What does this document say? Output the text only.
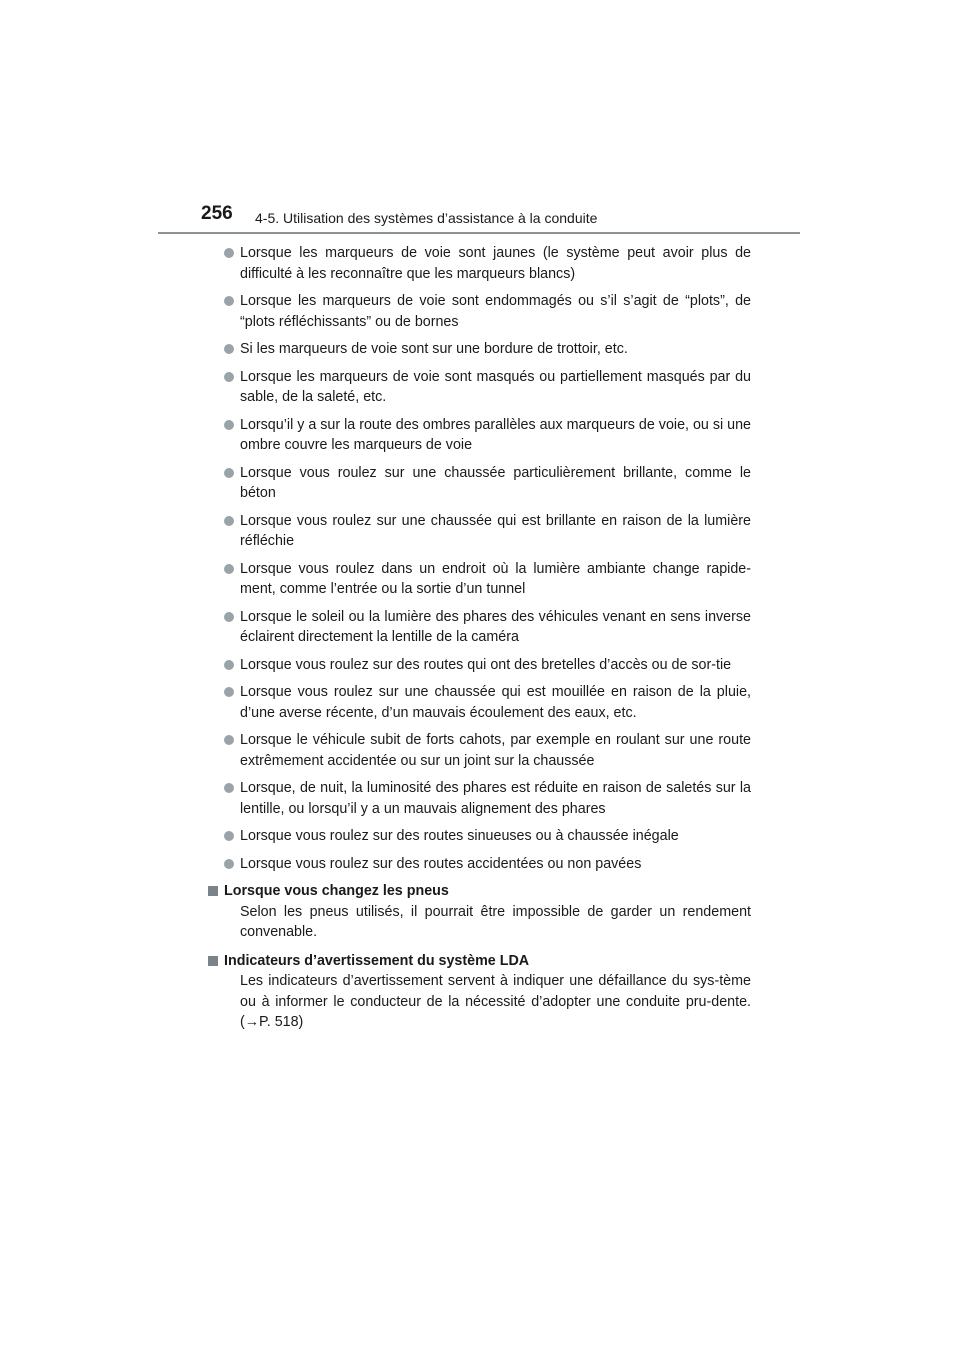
256 4-5. Utilisation des systèmes d’assistance à la conduite
Lorsque les marqueurs de voie sont jaunes (le système peut avoir plus de difficulté à les reconnaître que les marqueurs blancs)
Lorsque les marqueurs de voie sont endommagés ou s’il s’agit de “plots”, de “plots réfléchissants” ou de bornes
Si les marqueurs de voie sont sur une bordure de trottoir, etc.
Lorsque les marqueurs de voie sont masqués ou partiellement masqués par du sable, de la saleté, etc.
Lorsqu’il y a sur la route des ombres parallèles aux marqueurs de voie, ou si une ombre couvre les marqueurs de voie
Lorsque vous roulez sur une chaussée particulièrement brillante, comme le béton
Lorsque vous roulez sur une chaussée qui est brillante en raison de la lumière réfléchie
Lorsque vous roulez dans un endroit où la lumière ambiante change rapide-ment, comme l’entrée ou la sortie d’un tunnel
Lorsque le soleil ou la lumière des phares des véhicules venant en sens inverse éclairent directement la lentille de la caméra
Lorsque vous roulez sur des routes qui ont des bretelles d’accès ou de sor-tie
Lorsque vous roulez sur une chaussée qui est mouillée en raison de la pluie, d’une averse récente, d’un mauvais écoulement des eaux, etc.
Lorsque le véhicule subit de forts cahots, par exemple en roulant sur une route extrêmement accidentée ou sur un joint sur la chaussée
Lorsque, de nuit, la luminosité des phares est réduite en raison de saletés sur la lentille, ou lorsqu’il y a un mauvais alignement des phares
Lorsque vous roulez sur des routes sinueuses ou à chaussée inégale
Lorsque vous roulez sur des routes accidentées ou non pavées
Lorsque vous changez les pneus
Selon les pneus utilisés, il pourrait être impossible de garder un rendement convenable.
Indicateurs d’avertissement du système LDA
Les indicateurs d’avertissement servent à indiquer une défaillance du sys-tème ou à informer le conducteur de la nécessité d’adopter une conduite pru-dente. (→P. 518)
